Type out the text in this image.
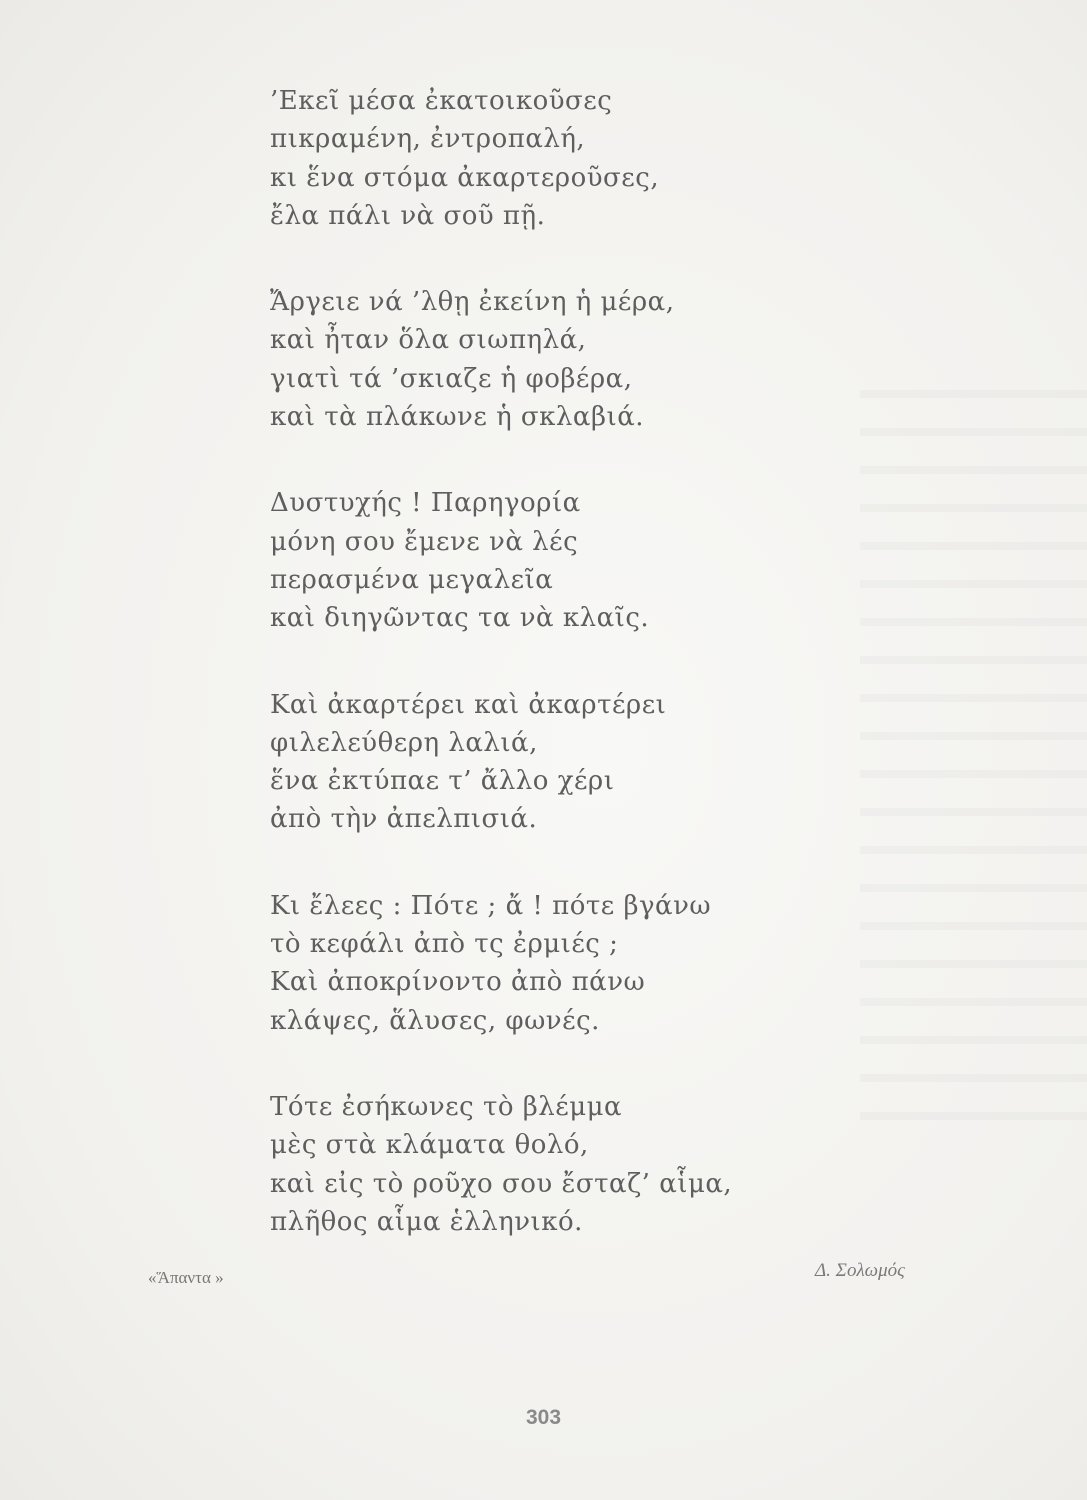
’Εκεῖ μέσα ἐκατοικοῦσες
πικραμένη, ἐντροπαλή,
κι ἕνα στόμα ἀκαρτεροῦσες,
ἔλα πάλι νὰ σοῦ πῇ.
Ἄργειε νά ’λθῃ ἐκείνη ἡ μέρα,
καὶ ἦταν ὅλα σιωπηλά,
γιατὶ τά ’σκιαζε ἡ φοβέρα,
καὶ τὰ πλάκωνε ἡ σκλαβιά.
Δυστυχής ! Παρηγορία
μόνη σου ἔμενε νὰ λές
περασμένα μεγαλεῖα
καὶ διηγῶντας τα νὰ κλαῖς.
Καὶ ἀκαρτέρει καὶ ἀκαρτέρει
φιλελεύθερη λαλιά,
ἕνα ἐκτύπαε τ’ ἄλλο χέρι
ἀπὸ τὴν ἀπελπισιά.
Κι ἔλεες : Πότε ; ἄ ! πότε βγάνω
τὸ κεφάλι ἀπὸ τς ἐρμιές ;
Καὶ ἀποκρίνοντο ἀπὸ πάνω
κλάψες, ἅλυσες, φωνές.
Τότε ἐσήκωνες τὸ βλέμμα
μὲς στὰ κλάματα θολό,
καὶ εἰς τὸ ροῦχο σου ἔσταζ’ αἷμα,
πλῆθος αἷμα ἑλληνικό.
«Ἅπαντα »	Δ. Σολωμός
303
